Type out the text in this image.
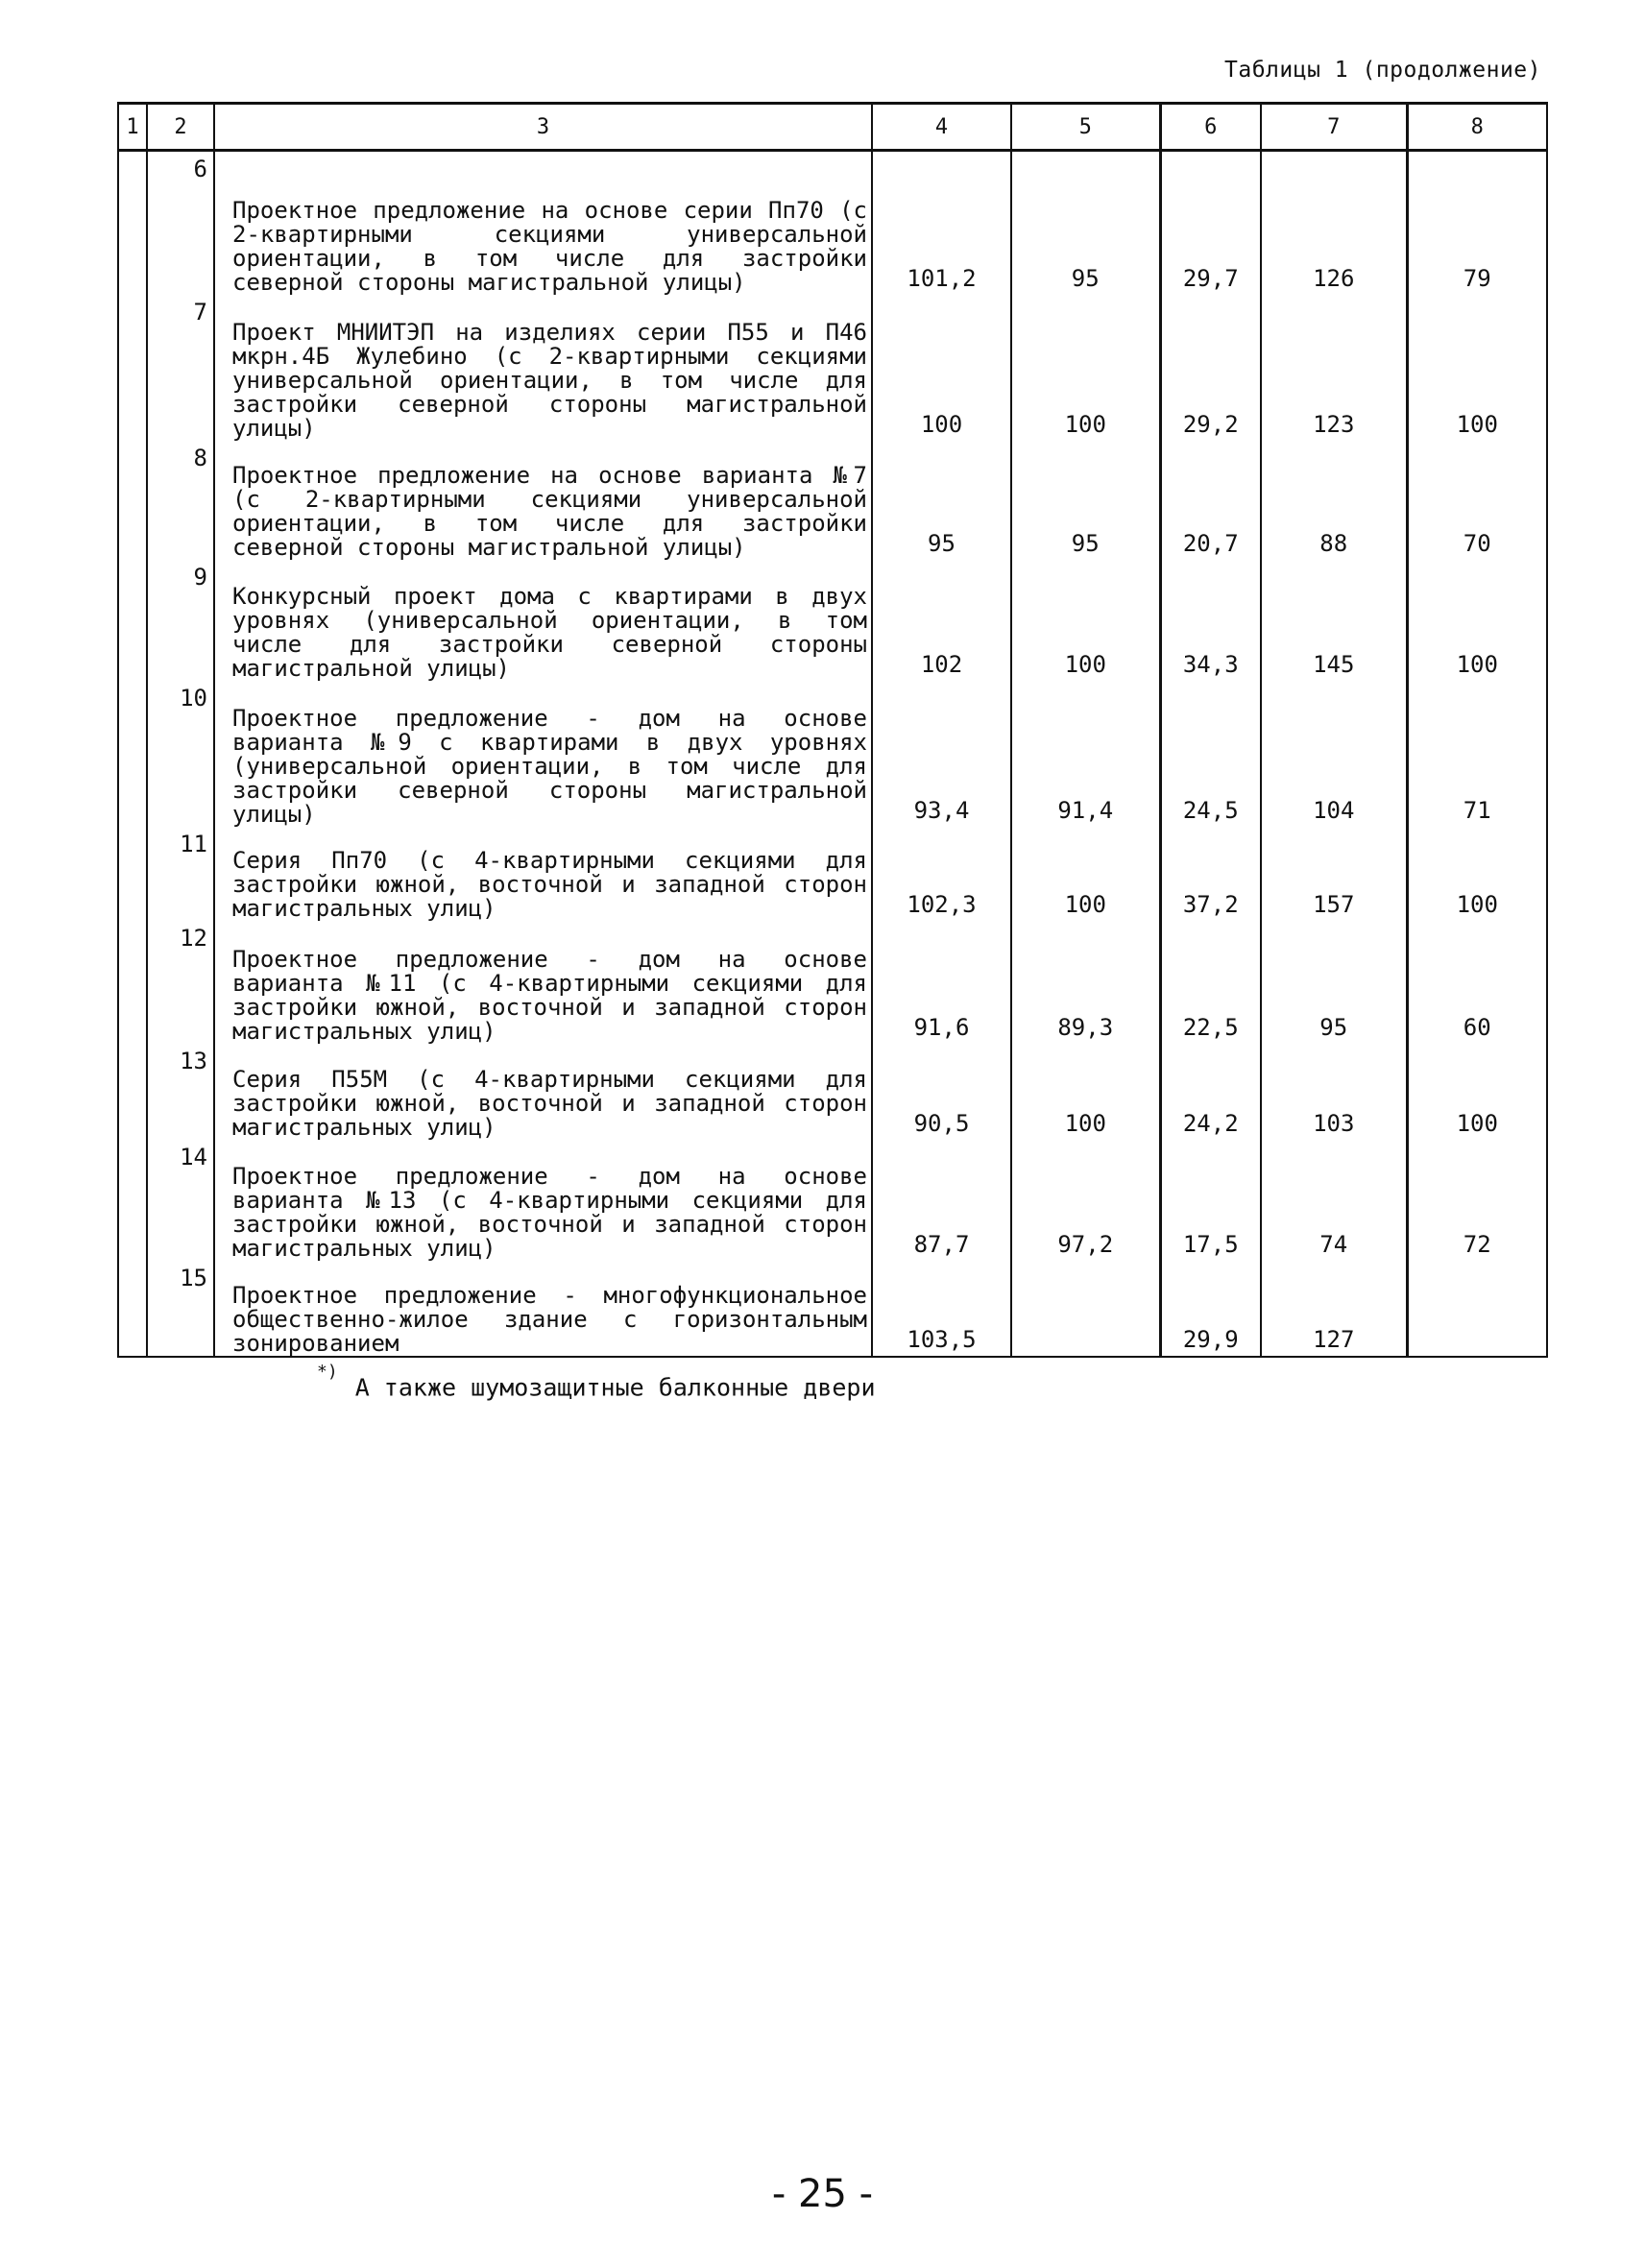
Таблицы 1 (продолжение)
1	2	3	4	5	6	7	8
	6	Проектное предложение на основе серии Пп70 (с 2-квартирными секциями универсальной ориентации, в том числе для застройки северной стороны магистральной улицы)	101,2	95	29,7	126	79
	7	Проект МНИИТЭП на изделиях серии П55 и П46 мкрн.4Б Жулебино (с 2-квартирными секциями универсальной ориентации, в том числе для застройки северной стороны магистральной улицы)	100	100	29,2	123	100
	8	Проектное предложение на основе варианта №7 (с 2-квартирными секциями универсальной ориентации, в том числе для застройки северной стороны магистральной улицы)	95	95	20,7	88	70
	9	Конкурсный проект дома с квартирами в двух уровнях (универсальной ориентации, в том числе для застройки северной стороны магистральной улицы)	102	100	34,3	145	100
	10	Проектное предложение - дом на основе варианта №9 с квартирами в двух уровнях (универсальной ориентации, в том числе для застройки северной стороны магистральной улицы)	93,4	91,4	24,5	104	71
	11	Серия Пп70 (с 4-квартирными секциями для застройки южной, восточной и западной сторон магистральных улиц)	102,3	100	37,2	157	100
	12	Проектное предложение - дом на основе варианта №11 (с 4-квартирными секциями для застройки южной, восточной и западной сторон магистральных улиц)	91,6	89,3	22,5	95	60
	13	Серия П55М (с 4-квартирными секциями для застройки южной, восточной и западной сторон магистральных улиц)	90,5	100	24,2	103	100
	14	Проектное предложение - дом на основе варианта №13 (с 4-квартирными секциями для застройки южной, восточной и западной сторон магистральных улиц)	87,7	97,2	17,5	74	72
	15	Проектное предложение - многофункциональное общественно-жилое здание с горизонтальным зонированием	103,5		29,9	127	
*)А также шумозащитные балконные двери
- 25 -
